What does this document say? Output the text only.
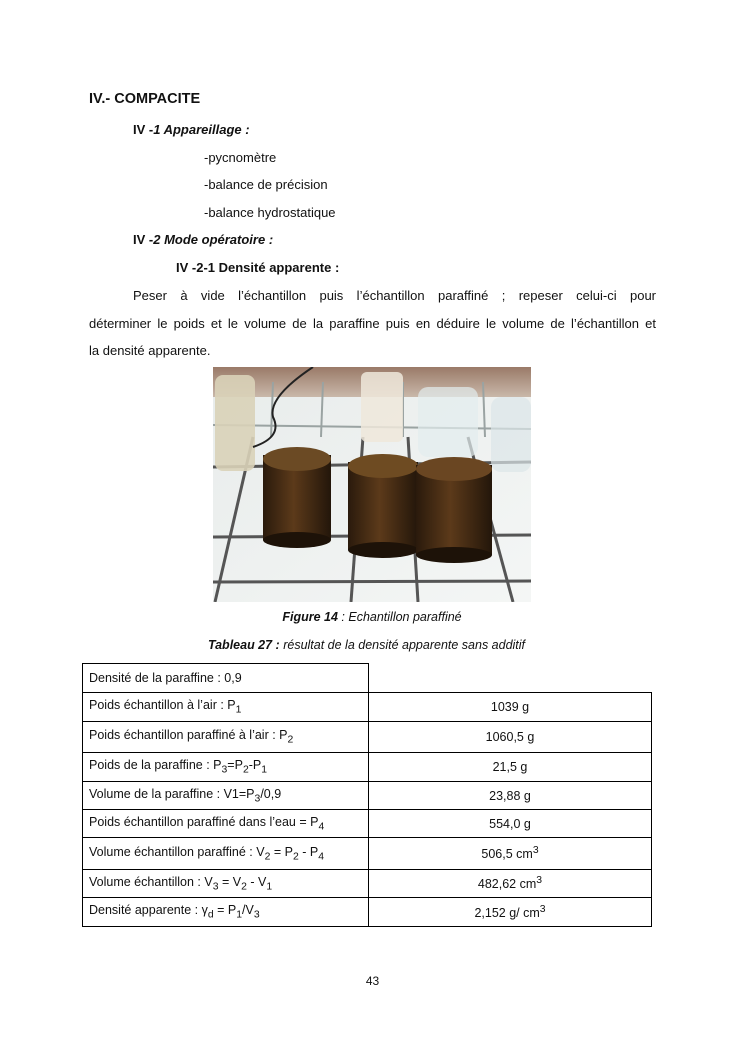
IV.- COMPACITE
IV -1 Appareillage :
-pycnomètre
-balance de précision
-balance hydrostatique
IV -2 Mode opératoire :
IV -2-1 Densité apparente :
Peser à vide l’échantillon puis l’échantillon paraffiné ; repeser celui-ci pour
déterminer le poids et le volume de la paraffine puis en déduire le volume de l’échantillon et
la densité apparente.
Figure 14 : Echantillon paraffiné
Tableau 27 : résultat de la densité apparente sans additif
Densité de la paraffine : 0,9	
Poids échantillon à l’air : $P_1$	1039 g
Poids échantillon paraffiné à l’air : $P_2$	1060,5 g
Poids de la paraffine : $P_3=P_2-P_1$	21,5 g
Volume de la paraffine : $V1=P_3/0,9$	23,88 g
Poids échantillon paraffiné dans l’eau = $P_4$	554,0 g
Volume échantillon paraffiné : $V_2 = P_2 - P_4$	506,5 $cm^3$
Volume échantillon : $V_3 = V_2 - V_1$	482,62 $cm^3$
Densité apparente : $\gamma_d = P_1/V_3$	2,152 g/ $cm^3$
43
